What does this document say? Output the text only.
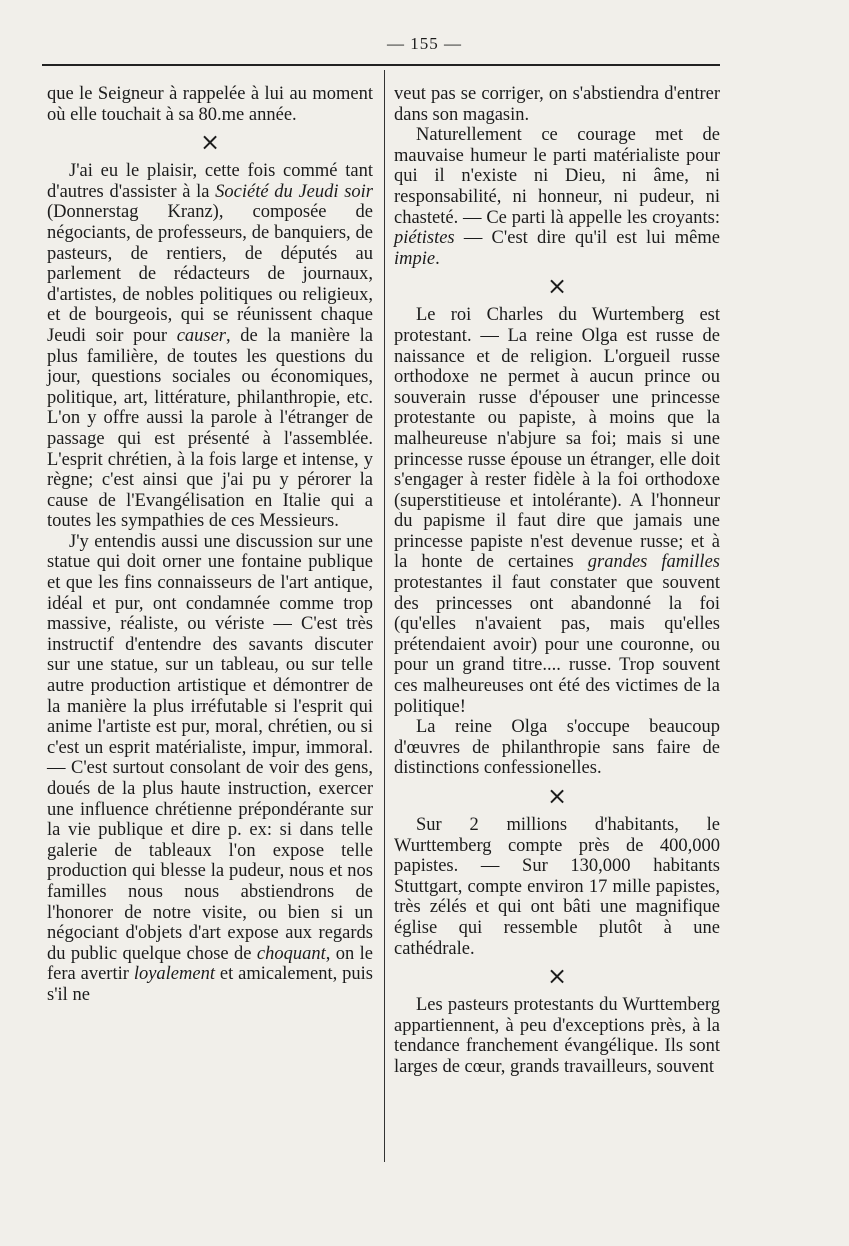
— 155 —

que le Seigneur à rappelée à lui au moment où elle touchait à sa 80.me année.

×

J'ai eu le plaisir, cette fois commé tant d'autres d'assister à la Société du Jeudi soir (Donnerstag Kranz), composée de négociants, de professeurs, de banquiers, de pasteurs, de rentiers, de députés au parlement de rédacteurs de journaux, d'artistes, de nobles politiques ou religieux, et de bourgeois, qui se réunissent chaque Jeudi soir pour causer, de la manière la plus familière, de toutes les questions du jour, questions sociales ou économiques, politique, art, littérature, philanthropie, etc. L'on y offre aussi la parole à l'étranger de passage qui est présenté à l'assemblée. L'esprit chrétien, à la fois large et intense, y règne; c'est ainsi que j'ai pu y pérorer la cause de l'Evangélisation en Italie qui a toutes les sympathies de ces Messieurs.

J'y entendis aussi une discussion sur une statue qui doit orner une fontaine publique et que les fins connaisseurs de l'art antique, idéal et pur, ont condamnée comme trop massive, réaliste, ou vériste — C'est très instructif d'entendre des savants discuter sur une statue, sur un tableau, ou sur telle autre production artistique et démontrer de la manière la plus irréfutable si l'esprit qui anime l'artiste est pur, moral, chrétien, ou si c'est un esprit matérialiste, impur, immoral. — C'est surtout consolant de voir des gens, doués de la plus haute instruction, exercer une influence chrétienne prépondérante sur la vie publique et dire p. ex: si dans telle galerie de tableaux l'on expose telle production qui blesse la pudeur, nous et nos familles nous nous abstiendrons de l'honorer de notre visite, ou bien si un négociant d'objets d'art expose aux regards du public quelque chose de choquant, on le fera avertir loyalement et amicalement, puis s'il ne

veut pas se corriger, on s'abstiendra d'entrer dans son magasin.

Naturellement ce courage met de mauvaise humeur le parti matérialiste pour qui il n'existe ni Dieu, ni âme, ni responsabilité, ni honneur, ni pudeur, ni chasteté. — Ce parti là appelle les croyants: piétistes — C'est dire qu'il est lui même impie.

×

Le roi Charles du Wurtemberg est protestant. — La reine Olga est russe de naissance et de religion. L'orgueil russe orthodoxe ne permet à aucun prince ou souverain russe d'épouser une princesse protestante ou papiste, à moins que la malheureuse n'abjure sa foi; mais si une princesse russe épouse un étranger, elle doit s'engager à rester fidèle à la foi orthodoxe (superstitieuse et intolérante). A l'honneur du papisme il faut dire que jamais une princesse papiste n'est devenue russe; et à la honte de certaines grandes familles protestantes il faut constater que souvent des princesses ont abandonné la foi (qu'elles n'avaient pas, mais qu'elles prétendaient avoir) pour une couronne, ou pour un grand titre.... russe. Trop souvent ces malheureuses ont été des victimes de la politique!

La reine Olga s'occupe beaucoup d'œuvres de philanthropie sans faire de distinctions confessionelles.

×

Sur 2 millions d'habitants, le Wurttemberg compte près de 400,000 papistes. — Sur 130,000 habitants Stuttgart, compte environ 17 mille papistes, très zélés et qui ont bâti une magnifique église qui ressemble plutôt à une cathédrale.

×

Les pasteurs protestants du Wurttemberg appartiennent, à peu d'exceptions près, à la tendance franchement évangélique. Ils sont larges de cœur, grands travailleurs, souvent
